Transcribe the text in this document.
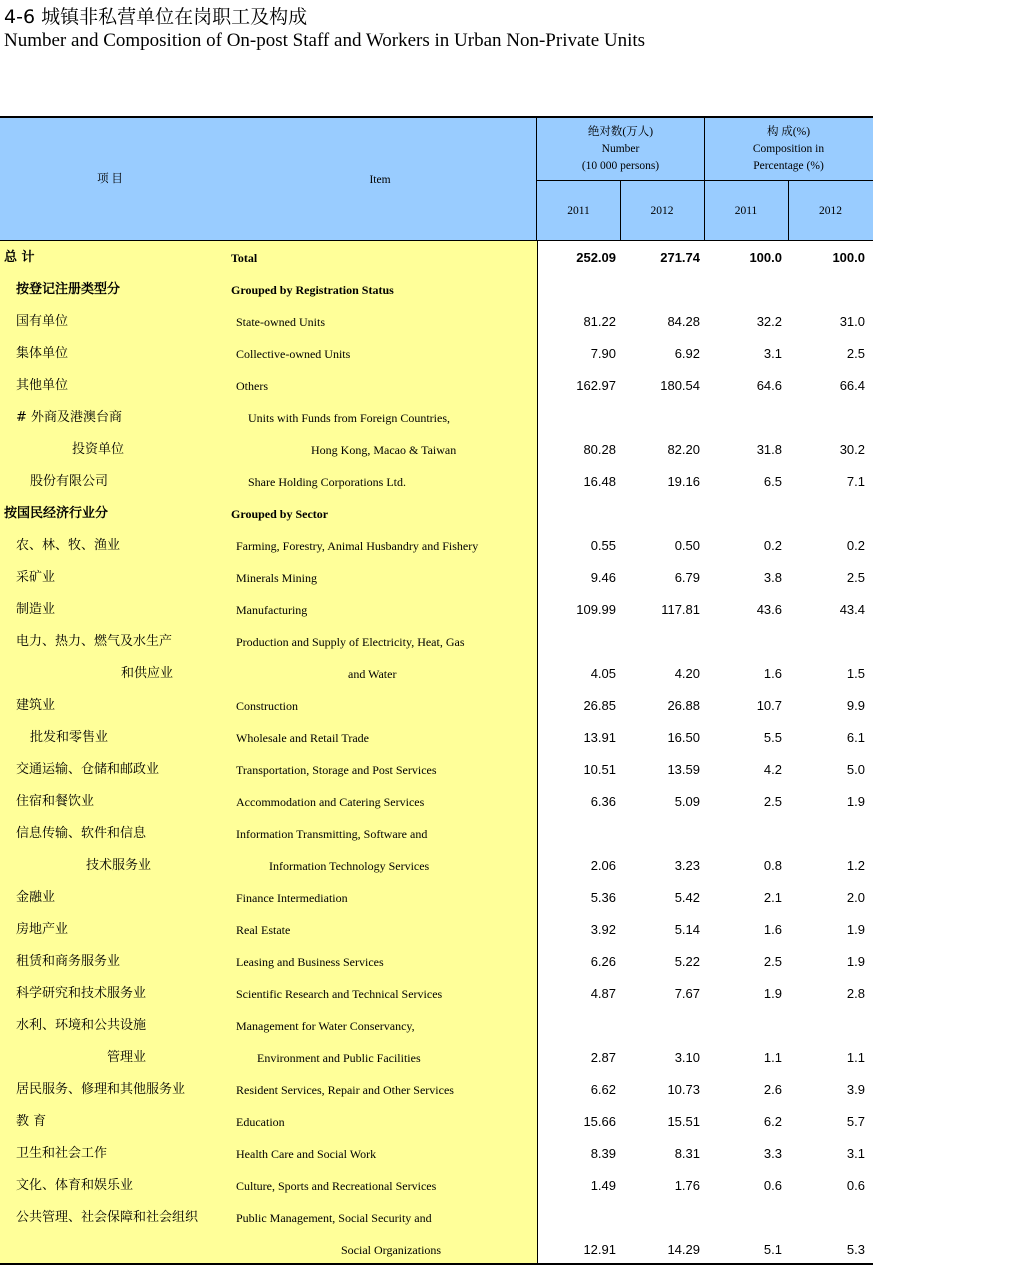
4-6 城镇非私营单位在岗职工及构成
Number and Composition of On-post Staff and Workers in Urban Non-Private Units
项 目	Item
绝对数(万人)
Number
(10 000 persons)
构 成(%)
Composition in
Percentage (%)
2011	2012	2011	2012
总 计	Total	252.09	271.74	100.0	100.0
按登记注册类型分	Grouped by Registration Status
国有单位	State-owned Units	81.22	84.28	32.2	31.0
集体单位	Collective-owned Units	7.90	6.92	3.1	2.5
其他单位	Others	162.97	180.54	64.6	66.4
# 外商及港澳台商	Units with Funds from Foreign Countries,
投资单位	Hong Kong, Macao & Taiwan	80.28	82.20	31.8	30.2
股份有限公司	Share Holding Corporations Ltd.	16.48	19.16	6.5	7.1
按国民经济行业分	Grouped by Sector
农、林、牧、渔业	Farming, Forestry, Animal Husbandry and Fishery	0.55	0.50	0.2	0.2
采矿业	Minerals Mining	9.46	6.79	3.8	2.5
制造业	Manufacturing	109.99	117.81	43.6	43.4
电力、热力、燃气及水生产	Production and Supply of Electricity, Heat, Gas
和供应业	and Water	4.05	4.20	1.6	1.5
建筑业	Construction	26.85	26.88	10.7	9.9
批发和零售业	Wholesale and Retail Trade	13.91	16.50	5.5	6.1
交通运输、仓储和邮政业	Transportation, Storage and Post Services	10.51	13.59	4.2	5.0
住宿和餐饮业	Accommodation and Catering Services	6.36	5.09	2.5	1.9
信息传输、软件和信息	Information Transmitting, Software and
技术服务业	Information Technology Services	2.06	3.23	0.8	1.2
金融业	Finance Intermediation	5.36	5.42	2.1	2.0
房地产业	Real Estate	3.92	5.14	1.6	1.9
租赁和商务服务业	Leasing and Business Services	6.26	5.22	2.5	1.9
科学研究和技术服务业	Scientific Research and Technical Services	4.87	7.67	1.9	2.8
水利、环境和公共设施	Management for Water Conservancy,
管理业	Environment and Public Facilities	2.87	3.10	1.1	1.1
居民服务、修理和其他服务业	Resident Services, Repair and Other Services	6.62	10.73	2.6	3.9
教 育	Education	15.66	15.51	6.2	5.7
卫生和社会工作	Health Care and Social Work	8.39	8.31	3.3	3.1
文化、体育和娱乐业	Culture, Sports and Recreational Services	1.49	1.76	0.6	0.6
公共管理、社会保障和社会组织	Public Management, Social Security and
Social Organizations	12.91	14.29	5.1	5.3
